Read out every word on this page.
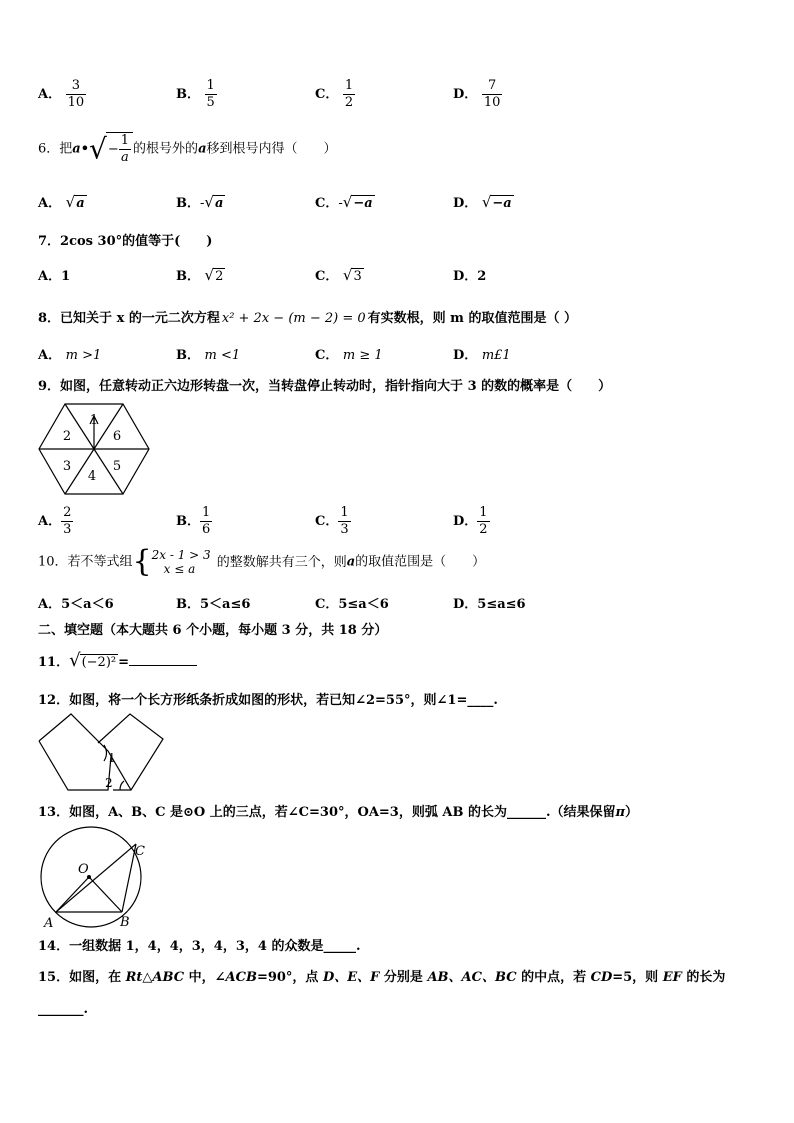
A． $\frac{3}{10}$	B． $\frac{1}{5}$	C． $\frac{1}{2}$	D． $\frac{7}{10}$
6．把a•√− $\frac{1}{a}$ 的根号外的a移到根号内得（　　）
A． √a	B．-√a	C．-√−a	D． √−a
7．2cos 30°的值等于(　　)
A．1	B． √2	C． √3	D．2
8．已知关于 x 的一元二次方程 x² + 2x − (m − 2) = 0 有实数根，则 m 的取值范围是（ ）
A． m >1	B． m <1	C． m ≥ 1	D． m£1
9．如图，任意转动正六边形转盘一次，当转盘停止转动时，指针指向大于 3 的数的概率是（　　）
1
6
5
4
3
2
A． $\frac{2}{3}$	B． $\frac{1}{6}$	C． $\frac{1}{3}$	D． $\frac{1}{2}$
10．若不等式组{ 2x - 1 > 3
x ≤ a	的整数解共有三个，则a的取值范围是（　　）
A．5＜a＜6	B．5＜a≤6	C．5≤a＜6	D．5≤a≤6
二、填空题（本大题共 6 个小题，每小题 3 分，共 18 分）
11．√(−2)² =
12．如图，将一个长方形纸条折成如图的形状，若已知∠2=55°，则∠1=____.
1
2
13．如图，A、B、C 是⊙O 上的三点，若∠C=30°，OA=3，则弧 AB 的长为______.（结果保留π）
O
A	B
C
14．一组数据 1，4，4，3，4，3，4 的众数是_____.
15．如图，在 Rt△ABC 中，∠ACB=90°，点 D、E、F 分别是 AB、AC、BC 的中点，若 CD=5，则 EF 的长为
_______.
